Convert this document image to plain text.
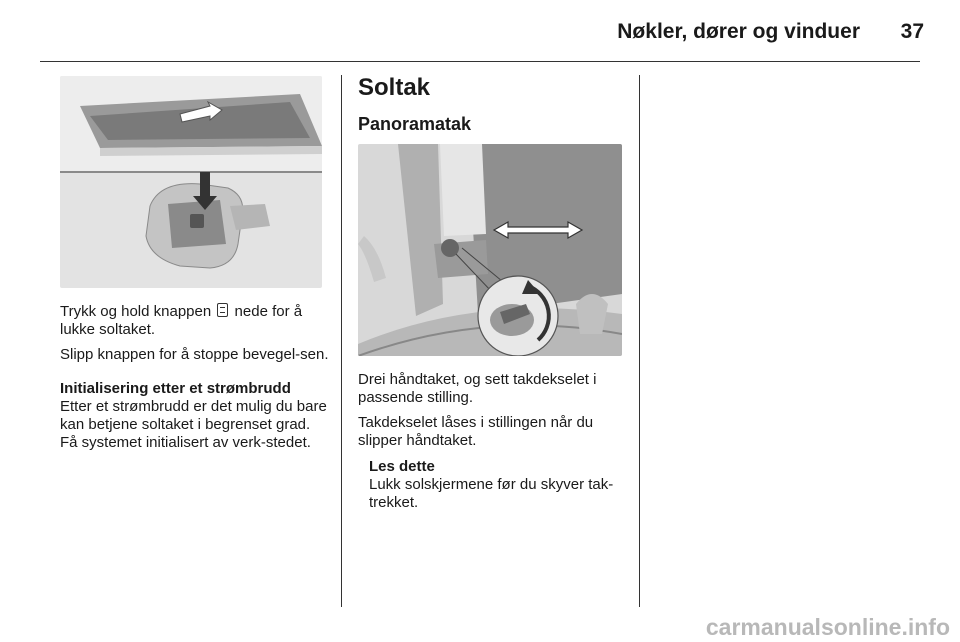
Nøkler, dører og vinduer	37

Trykk og hold knappen nede for å lukke soltaket.

Slipp knappen for å stoppe bevegel-sen.

Initialisering etter et strømbrudd

Etter et strømbrudd er det mulig du bare kan betjene soltaket i begrenset grad. Få systemet initialisert av verk-stedet.

Soltak
Panoramatak

Drei håndtaket, og sett takdekselet i passende stilling.

Takdekselet låses i stillingen når du slipper håndtaket.

Les dette

Lukk solskjermene før du skyver tak-trekket.

carmanualsonline.info
